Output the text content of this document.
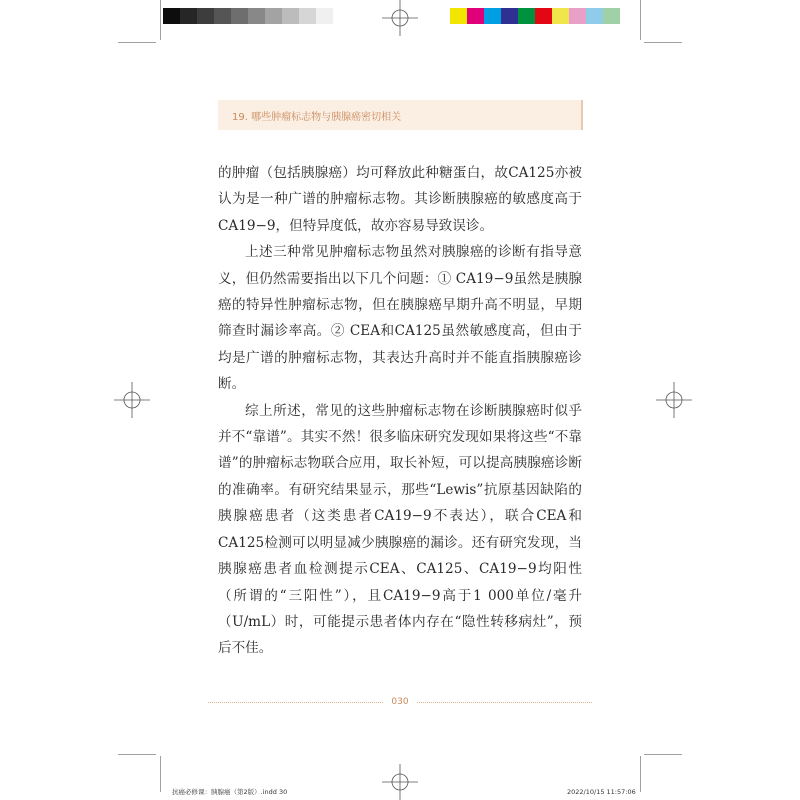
19. 哪些肿瘤标志物与胰腺癌密切相关

的肿瘤（包括胰腺癌）均可释放此种糖蛋白，故CA125亦被认为是一种广谱的肿瘤标志物。其诊断胰腺癌的敏感度高于CA19−9，但特异度低，故亦容易导致误诊。

上述三种常见肿瘤标志物虽然对胰腺癌的诊断有指导意义，但仍然需要指出以下几个问题：① CA19−9虽然是胰腺癌的特异性肿瘤标志物，但在胰腺癌早期升高不明显，早期筛查时漏诊率高。② CEA和CA125虽然敏感度高，但由于均是广谱的肿瘤标志物，其表达升高时并不能直指胰腺癌诊断。

综上所述，常见的这些肿瘤标志物在诊断胰腺癌时似乎并不“靠谱”。其实不然！很多临床研究发现如果将这些“不靠谱”的肿瘤标志物联合应用，取长补短，可以提高胰腺癌诊断的准确率。有研究结果显示，那些“Lewis”抗原基因缺陷的胰腺癌患者（这类患者CA19−9不表达），联合CEA和CA125检测可以明显减少胰腺癌的漏诊。还有研究发现，当胰腺癌患者血检测提示CEA、CA125、CA19−9均阳性（所谓的“三阳性”），且CA19−9高于1 000单位/毫升（U/mL）时，可能提示患者体内存在“隐性转移病灶”，预后不佳。

030
抗癌必修课：胰腺癌（第2版）.indd 30	2022/10/15 11:57:06
